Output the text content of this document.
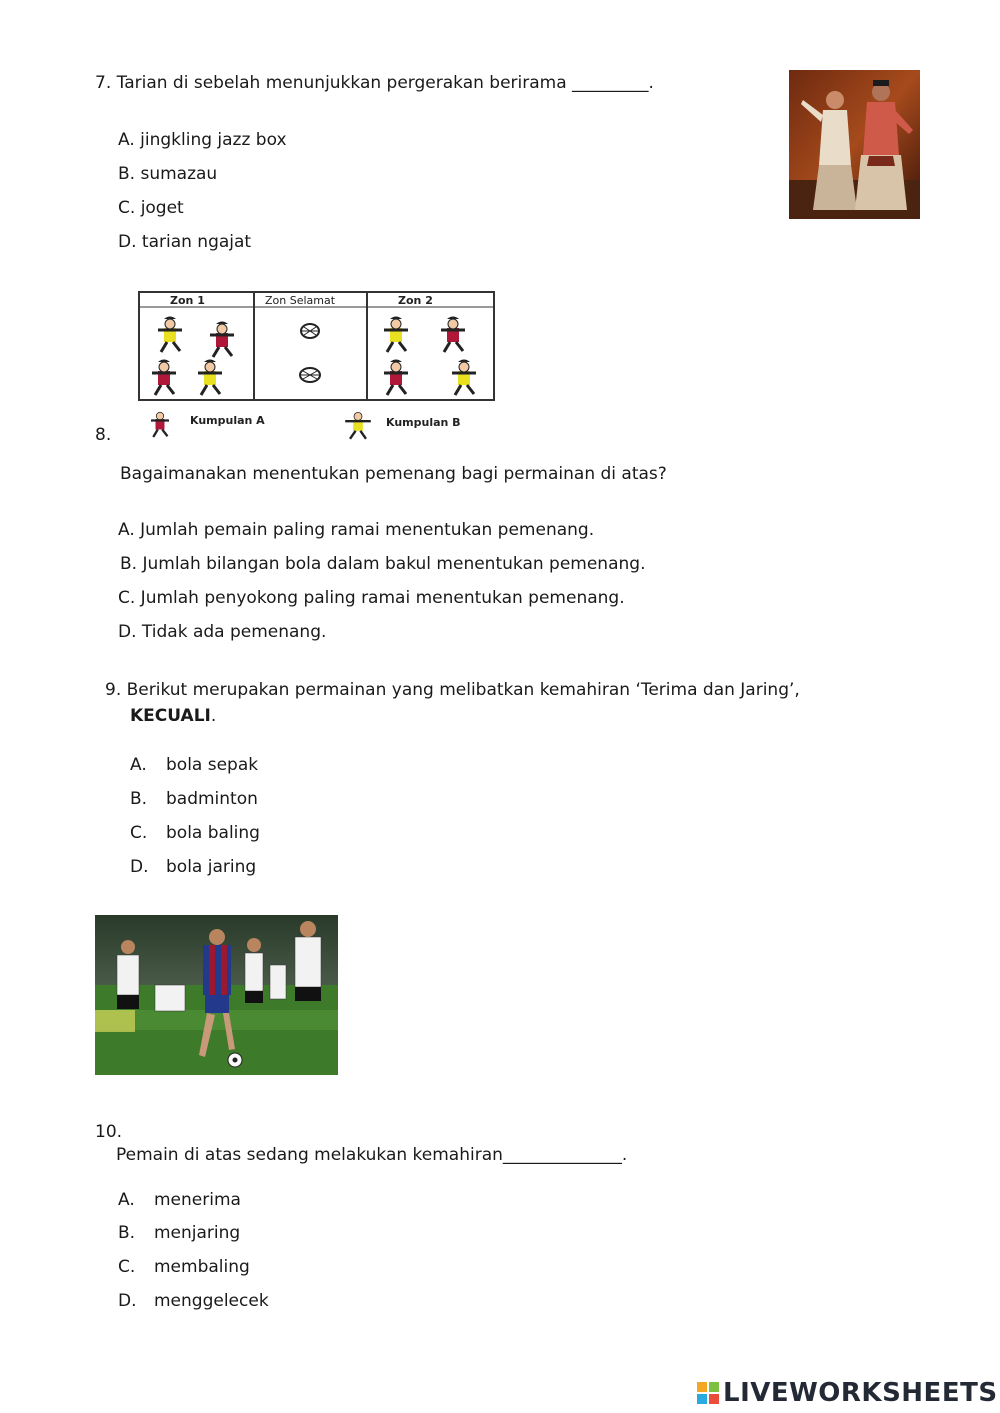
7. Tarian di sebelah menunjukkan pergerakan berirama _________.
A. jingkling jazz box
B. sumazau
C. joget
D. tarian ngajat
Zon 1	Zon Selamat	Zon 2
8.
Kumpulan A	Kumpulan B
Bagaimanakan menentukan pemenang bagi permainan di atas?
A. Jumlah pemain paling ramai menentukan pemenang.
B. Jumlah bilangan bola dalam bakul menentukan pemenang.
C. Jumlah penyokong paling ramai menentukan pemenang.
D. Tidak ada pemenang.
9. Berikut merupakan permainan yang melibatkan kemahiran ‘Terima dan Jaring’,
KECUALI.
A. bola sepak
B. badminton
C. bola baling
D. bola jaring
10.
Pemain di atas sedang melakukan kemahiran______________.
A. menerima
B. menjaring
C. membaling
D. menggelecek
LIVEWORKSHEETS
